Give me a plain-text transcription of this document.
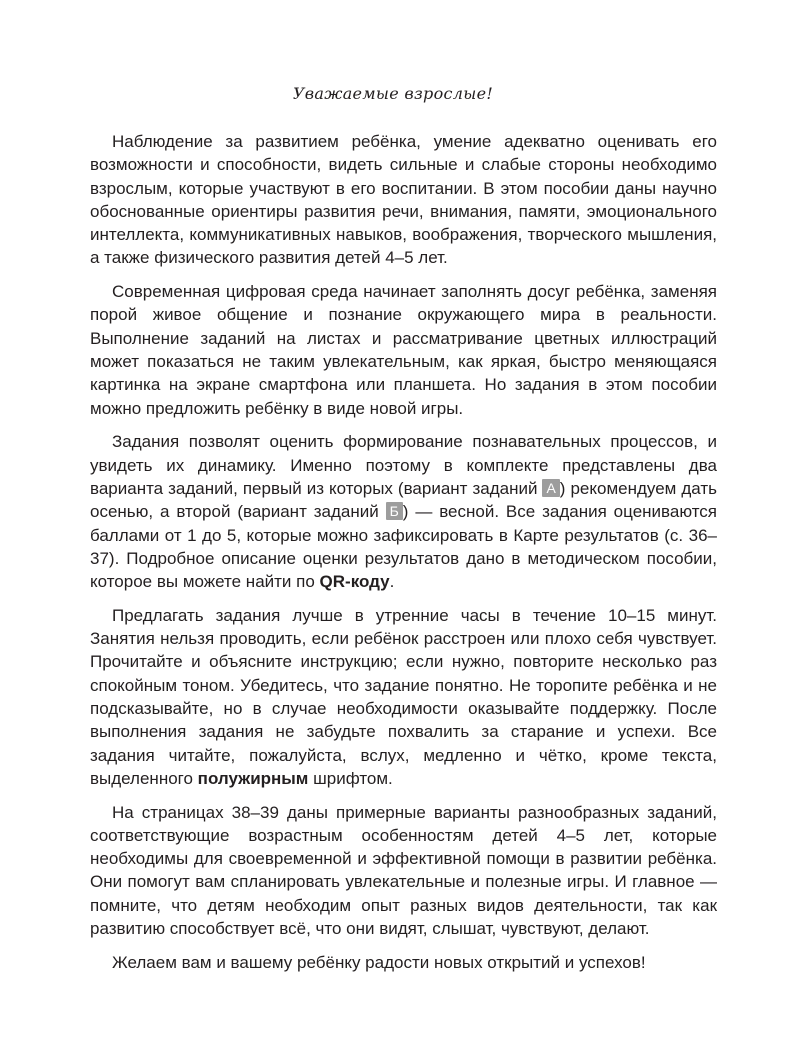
Уважаемые взрослые!

Наблюдение за развитием ребёнка, умение адекватно оценивать его возможности и способности, видеть сильные и слабые стороны необходимо взрослым, которые участвуют в его воспитании. В этом пособии даны научно обоснованные ориентиры развития речи, внимания, памяти, эмоционального интеллекта, коммуникативных навыков, воображения, творческого мышления, а также физического развития детей 4–5 лет.

Современная цифровая среда начинает заполнять досуг ребёнка, заменяя порой живое общение и познание окружающего мира в реальности. Выполнение заданий на листах и рассматривание цветных иллюстраций может показаться не таким увлекательным, как яркая, быстро меняющаяся картинка на экране смартфона или планшета. Но задания в этом пособии можно предложить ребёнку в виде новой игры.

Задания позволят оценить формирование познавательных процессов, и увидеть их динамику. Именно поэтому в комплекте представлены два варианта заданий, первый из которых (вариант заданий А ) рекомендуем дать осенью, а второй (вариант заданий Б ) — весной. Все задания оцениваются баллами от 1 до 5, которые можно зафиксировать в Карте результатов (с. 36–37). Подробное описание оценки результатов дано в методическом пособии, которое вы можете найти по QR-коду.

Предлагать задания лучше в утренние часы в течение 10–15 минут. Занятия нельзя проводить, если ребёнок расстроен или плохо себя чувствует. Прочитайте и объясните инструкцию; если нужно, повторите несколько раз спокойным тоном. Убедитесь, что задание понятно. Не торопите ребёнка и не подсказывайте, но в случае необходимости оказывайте поддержку. После выполнения задания не забудьте похвалить за старание и успехи. Все задания читайте, пожалуйста, вслух, медленно и чётко, кроме текста, выделенного полужирным шрифтом.

На страницах 38–39 даны примерные варианты разнообразных заданий, соответствующие возрастным особенностям детей 4–5 лет, которые необходимы для своевременной и эффективной помощи в развитии ребёнка. Они помогут вам спланировать увлекательные и полезные игры. И главное — помните, что детям необходим опыт разных видов деятельности, так как развитию способствует всё, что они видят, слышат, чувствуют, делают.

Желаем вам и вашему ребёнку радости новых открытий и успехов!
